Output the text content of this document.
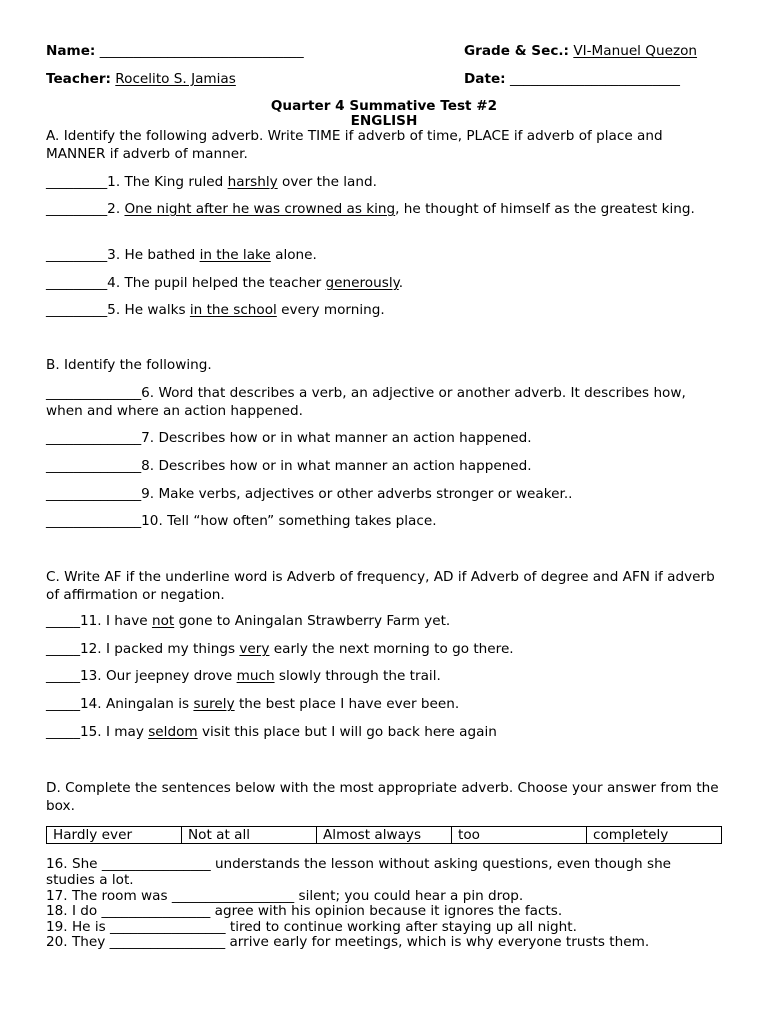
Name: ______________________________	Grade & Sec.: VI-Manuel Quezon
Teacher: Rocelito S. Jamias	Date: _________________________
Quarter 4 Summative Test #2
ENGLISH
A. Identify the following adverb. Write TIME if adverb of time, PLACE if adverb of place and MANNER if adverb of manner.
_________1. The King ruled harshly over the land.
_________2. One night after he was crowned as king, he thought of himself as the greatest king.
_________3. He bathed in the lake alone.
_________4. The pupil helped the teacher generously.
_________5. He walks in the school every morning.
B. Identify the following.
______________6. Word that describes a verb, an adjective or another adverb. It describes how, when and where an action happened.
______________7. Describes how or in what manner an action happened.
______________8. Describes how or in what manner an action happened.
______________9. Make verbs, adjectives or other adverbs stronger or weaker..
______________10. Tell “how often” something takes place.
C. Write AF if the underline word is Adverb of frequency, AD if Adverb of degree and AFN if adverb of affirmation or negation.
_____11. I have not gone to Aningalan Strawberry Farm yet.
_____12. I packed my things very early the next morning to go there.
_____13. Our jeepney drove much slowly through the trail.
_____14. Aningalan is surely the best place I have ever been.
_____15. I may seldom visit this place but I will go back here again
D. Complete the sentences below with the most appropriate adverb. Choose your answer from the box.
Hardly ever	Not at all	Almost always	too	completely
16. She ________________ understands the lesson without asking questions, even though she studies a lot.
17. The room was __________________ silent; you could hear a pin drop.
18. I do ________________ agree with his opinion because it ignores the facts.
19. He is _________________ tired to continue working after staying up all night.
20. They _________________ arrive early for meetings, which is why everyone trusts them.
